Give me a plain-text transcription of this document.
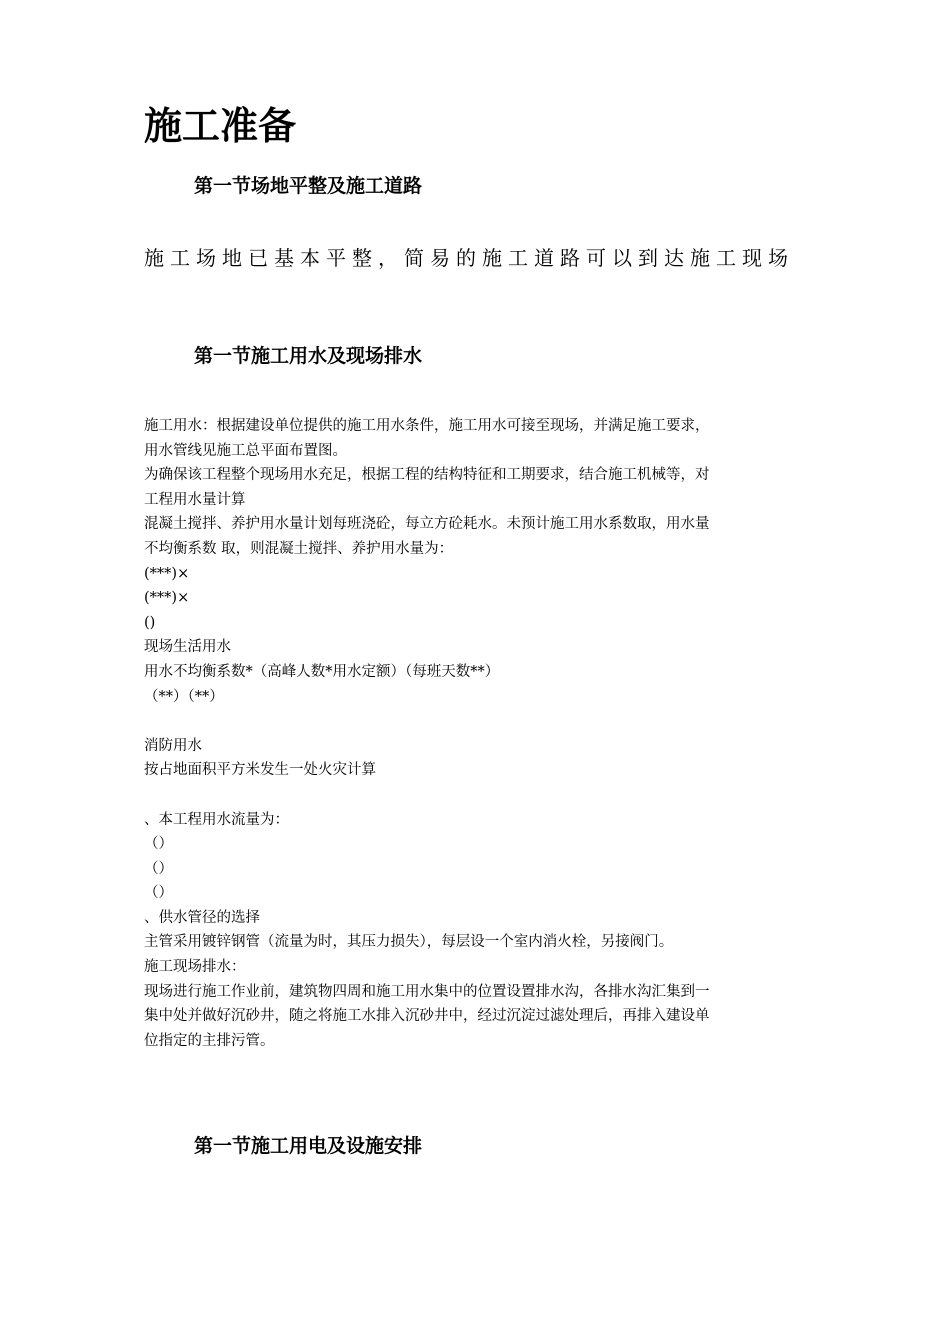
施工准备
第一节场地平整及施工道路
施工场地已基本平整，简易的施工道路可以到达施工现场
第一节施工用水及现场排水
施工用水：根据建设单位提供的施工用水条件，施工用水可接至现场，并满足施工要求，
用水管线见施工总平面布置图。
为确保该工程整个现场用水充足，根据工程的结构特征和工期要求，结合施工机械等，对
工程用水量计算
混凝土搅拌、养护用水量计划每班浇砼，每立方砼耗水。未预计施工用水系数取，用水量
不均衡系数 取，则混凝土搅拌、养护用水量为：
(***)×
(***)×
()
现场生活用水
用水不均衡系数*（高峰人数*用水定额）（每班天数**）
（**）（**）
消防用水
按占地面积平方米发生一处火灾计算
、本工程用水流量为：
（）
（）
（）
、供水管径的选择
主管采用镀锌钢管（流量为时，其压力损失），每层设一个室内消火栓，另接阀门。
施工现场排水：
现场进行施工作业前，建筑物四周和施工用水集中的位置设置排水沟，各排水沟汇集到一
集中处并做好沉砂井，随之将施工水排入沉砂井中，经过沉淀过滤处理后，再排入建设单
位指定的主排污管。
第一节施工用电及设施安排
